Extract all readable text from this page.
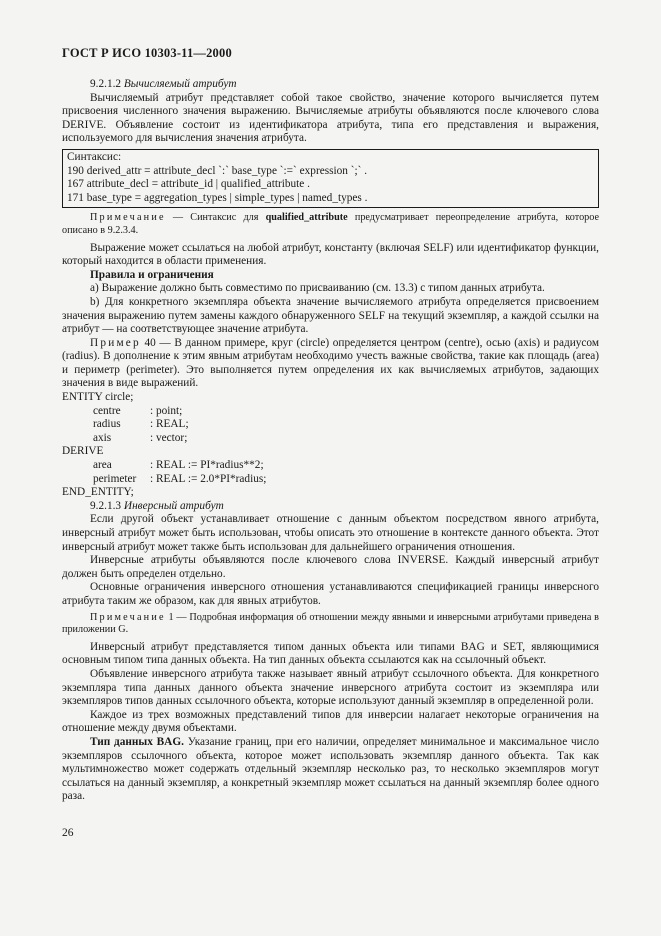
ГОСТ Р ИСО 10303-11—2000

9.2.1.2 Вычисляемый атрибут

Вычисляемый атрибут представляет собой такое свойство, значение которого вычисляется путем присвоения численного значения выражению. Вычисляемые атрибуты объявляются после ключевого слова DERIVE. Объявление состоит из идентификатора атрибута, типа его представления и выражения, используемого для вычисления значения атрибута.

Синтаксис:
190 derived_attr = attribute_decl `:` base_type `:=` expression `;` .
167 attribute_decl = attribute_id | qualified_attribute .
171 base_type = aggregation_types | simple_types | named_types .

Примечание — Синтаксис для qualified_attribute предусматривает переопределение атрибута, которое описано в 9.2.3.4.

Выражение может ссылаться на любой атрибут, константу (включая SELF) или идентификатор функции, который находится в области применения.

Правила и ограничения

а) Выражение должно быть совместимо по присваиванию (см. 13.3) с типом данных атрибута.

b) Для конкретного экземпляра объекта значение вычисляемого атрибута определяется присвоением значения выражению путем замены каждого обнаруженного SELF на текущий экземпляр, а каждой ссылки на атрибут — на соответствующее значение атрибута.

Пример 40 — В данном примере, круг (circle) определяется центром (centre), осью (axis) и радиусом (radius). В дополнение к этим явным атрибутам необходимо учесть важные свойства, такие как площадь (area) и периметр (perimeter). Это выполняется путем определения их как вычисляемых атрибутов, задающих значения в виде выражений.

ENTITY circle;
centre	: point;
radius	: REAL;
axis	: vector;
DERIVE
area	: REAL := PI*radius**2;
perimeter	: REAL := 2.0*PI*radius;
END_ENTITY;

9.2.1.3 Инверсный атрибут

Если другой объект устанавливает отношение с данным объектом посредством явного атрибута, инверсный атрибут может быть использован, чтобы описать это отношение в контексте данного объекта. Этот инверсный атрибут может также быть использован для дальнейшего ограничения отношения.

Инверсные атрибуты объявляются после ключевого слова INVERSE. Каждый инверсный атрибут должен быть определен отдельно.

Основные ограничения инверсного отношения устанавливаются спецификацией границы инверсного атрибута таким же образом, как для явных атрибутов.

Примечание 1 — Подробная информация об отношении между явными и инверсными атрибутами приведена в приложении G.

Инверсный атрибут представляется типом данных объекта или типами BAG и SET, являющимися основным типом типа данных объекта. На тип данных объекта ссылаются как на ссылочный объект.

Объявление инверсного атрибута также называет явный атрибут ссылочного объекта. Для конкретного экземпляра типа данных данного объекта значение инверсного атрибута состоит из экземпляра или экземпляров типов данных ссылочного объекта, которые используют данный экземпляр в определенной роли.

Каждое из трех возможных представлений типов для инверсии налагает некоторые ограничения на отношение между двумя объектами.

Тип данных BAG. Указание границ, при его наличии, определяет минимальное и максимальное число экземпляров ссылочного объекта, которое может использовать экземпляр данного объекта. Так как мультимножество может содержать отдельный экземпляр несколько раз, то несколько экземпляров могут ссылаться на данный экземпляр, а конкретный экземпляр может ссылаться на данный экземпляр более одного раза.

26
